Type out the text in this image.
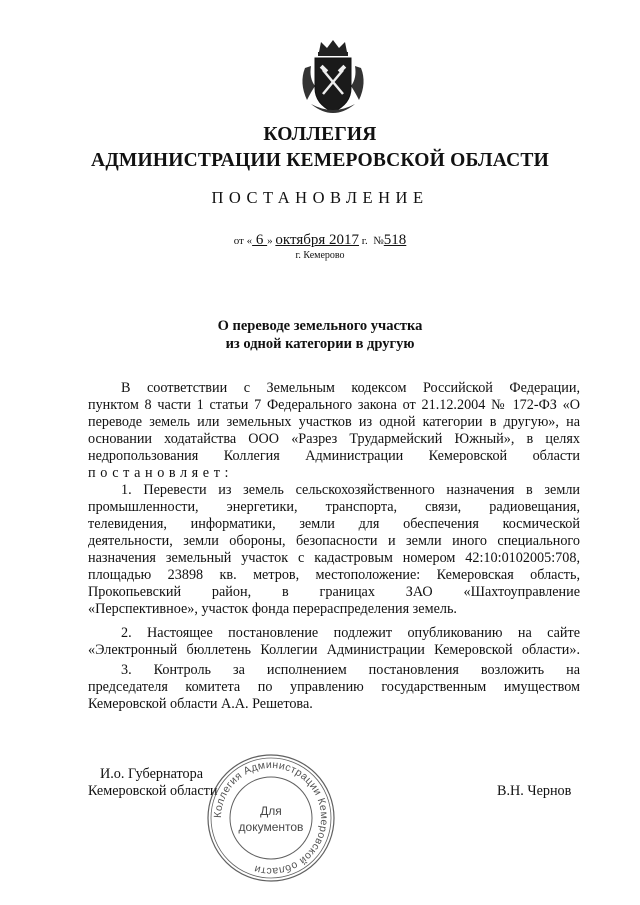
КОЛЛЕГИЯ
АДМИНИСТРАЦИИ КЕМЕРОВСКОЙ ОБЛАСТИ
ПОСТАНОВЛЕНИЕ
от « 6 » октября 2017 г. №518
г. Кемерово
О переводе земельного участка
из одной категории в другую
В соответствии с Земельным кодексом Российской Федерации,
пунктом 8 части 1 статьи 7 Федерального закона от 21.12.2004 № 172-ФЗ «О
переводе земель или земельных участков из одной категории в другую», на
основании ходатайства ООО «Разрез Трудармейский Южный», в целях
недропользования Коллегия Администрации Кемеровской области
постановляет:
1. Перевести из земель сельскохозяйственного назначения в земли
промышленности, энергетики, транспорта, связи, радиовещания,
телевидения, информатики, земли для обеспечения космической
деятельности, земли обороны, безопасности и земли иного специального
назначения земельный участок с кадастровым номером 42:10:0102005:708,
площадью 23898 кв. метров, местоположение: Кемеровская область,
Прокопьевский район, в границах ЗАО «Шахтоуправление
«Перспективное», участок фонда перераспределения земель.
2. Настоящее постановление подлежит опубликованию на сайте
«Электронный бюллетень Коллегии Администрации Кемеровской области».
3. Контроль за исполнением постановления возложить на
председателя комитета по управлению государственным имуществом
Кемеровской области А.А. Решетова.
И.о. Губернатора
Кемеровской области	В.Н. Чернов
Коллегия Администрации Кемеровской области
Для
документов
